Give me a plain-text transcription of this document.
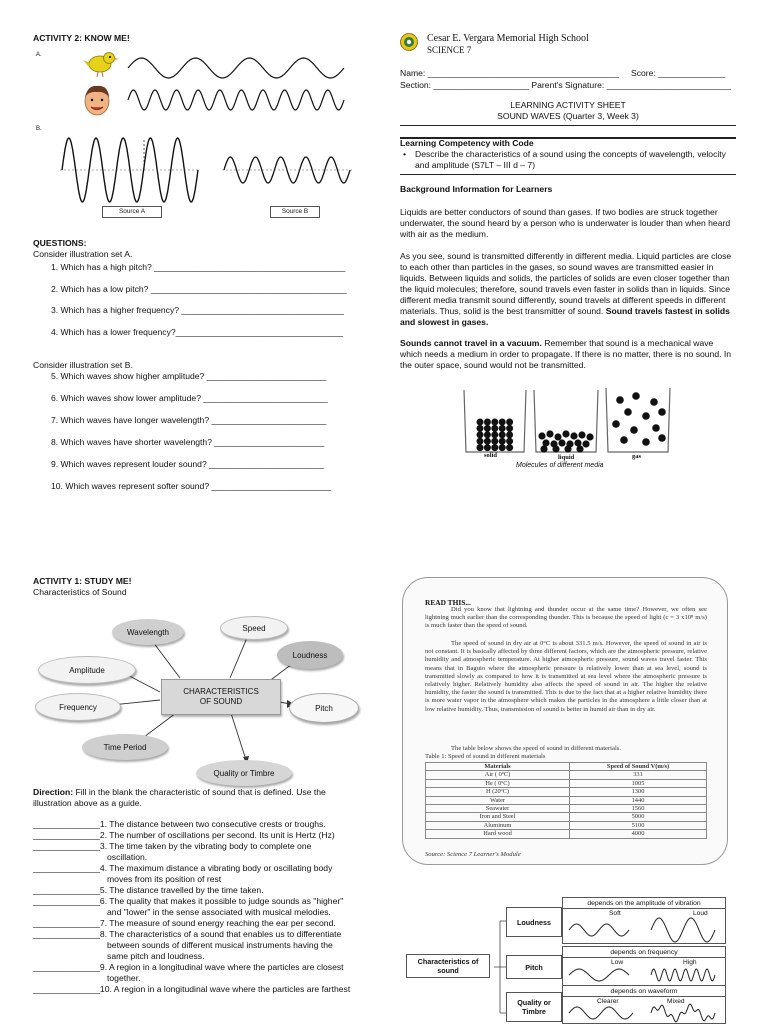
ACTIVITY 2: KNOW ME!
A.
B.
Source A	Source B
QUESTIONS:
Consider illustration set A.
1. Which has a high pitch? ________________________________________
2. Which has a low pitch? _________________________________________
3. Which has a higher frequency? __________________________________
4. Which has a lower frequency?___________________________________
Consider illustration set B.
5. Which waves show higher amplitude? _________________________
6. Which waves show lower amplitude? __________________________
7. Which waves have longer wavelength? ________________________
8. Which waves have shorter wavelength? _______________________
9. Which waves represent louder sound? ________________________
10. Which waves represent softer sound? _________________________
Cesar E. Vergara Memorial High School
SCIENCE 7
Name: ________________________________________ Score: ______________
Section: ____________________ Parent's Signature: __________________________
LEARNING ACTIVITY SHEET
SOUND WAVES (Quarter 3, Week 3)
Learning Competency with Code
•	Describe the characteristics of a sound using the concepts of wavelength, velocity and amplitude (S7LT – III d – 7)
Background Information for Learners
Liquids are better conductors of sound than gases. If two bodies are struck together underwater, the sound heard by a person who is underwater is louder than when heard with air as the medium.
As you see, sound is transmitted differently in different media. Liquid particles are close to each other than particles in the gases, so sound waves are transmitted easier in liquids. Between liquids and solids, the particles of solids are even closer together than the liquid molecules; therefore, sound travels even faster in solids than in liquids. Since different media transmit sound differently, sound travels at different speeds in different materials. Thus, solid is the best transmitter of sound. Sound travels fastest in solids and slowest in gases.
Sounds cannot travel in a vacuum. Remember that sound is a mechanical wave which needs a medium in order to propagate. If there is no matter, there is no sound. In the outer space, sound would not be transmitted.
solid	liquid	gas
Molecules of different media
ACTIVITY 1: STUDY ME!
Characteristics of Sound
CHARACTERISTICS OF SOUND
Wavelength	Speed
Loudness
Amplitude
Frequency	Pitch
Time Period
Quality or Timbre
Direction: Fill in the blank the characteristic of sound that is defined. Use the illustration above as a guide.
______________1. The distance between two consecutive crests or troughs.
______________2. The number of oscillations per second. Its unit is Hertz (Hz)
______________3. The time taken by the vibrating body to complete one
oscillation.
______________4. The maximum distance a vibrating body or oscillating body
moves from its position of rest
______________5. The distance travelled by the time taken.
______________6. The quality that makes it possible to judge sounds as "higher"
and "lower" in the sense associated with musical melodies.
______________7. The measure of sound energy reaching the ear per second.
______________8. The characteristics of a sound that enables us to differentiate
between sounds of different musical instruments having the
same pitch and loudness.
______________9. A region in a longitudinal wave where the particles are closest
together.
______________10. A region in a longitudinal wave where the particles are farthest
READ THIS...
Did you know that lightning and thunder occur at the same time? However, we often see lightning much earlier than the corresponding thunder. This is because the speed of light (c = 3 x10⁸ m/s) is much faster than the speed of sound.
The speed of sound in dry air at 0°C is about 331.5 m/s. However, the speed of sound in air is not constant. It is basically affected by three different factors, which are the atmospheric pressure, relative humidity and atmospheric temperature. At higher atmospheric pressure, sound waves travel faster. This means that in Baguio where the atmospheric pressure is relatively lower than at sea level, sound is transmitted slowly as compared to how it is transmitted at sea level where the atmospheric pressure is relatively higher. Relatively humidity also affects the speed of sound in air. The higher the relative humidity, the faster the sound is transmitted. This is due to the fact that at a higher relative humidity there is more water vapor in the atmosphere which makes the particles in the atmosphere a little closer than at low relative humidity. Thus, transmission of sound is better in humid air than in dry air.
The table below shows the speed of sound in different materials.
Table 1: Speed of sound in different materials
Materials	Speed of Sound V(m/s)
Air ( 0ºC)	331
He ( 0ºC)	1005
H (20ºC)	1300
Water	1440
Seawater	1560
Iron and Steel	5000
Aluminum	5100
Hard wood	4000
Source: Science 7 Learner's Module
Characteristics of sound
Loudness
Pitch
Quality or Timbre
depends on the amplitude of vibration
depends on frequency
depends on waveform
Soft	Loud
Low	High
Clearer	Mixed
